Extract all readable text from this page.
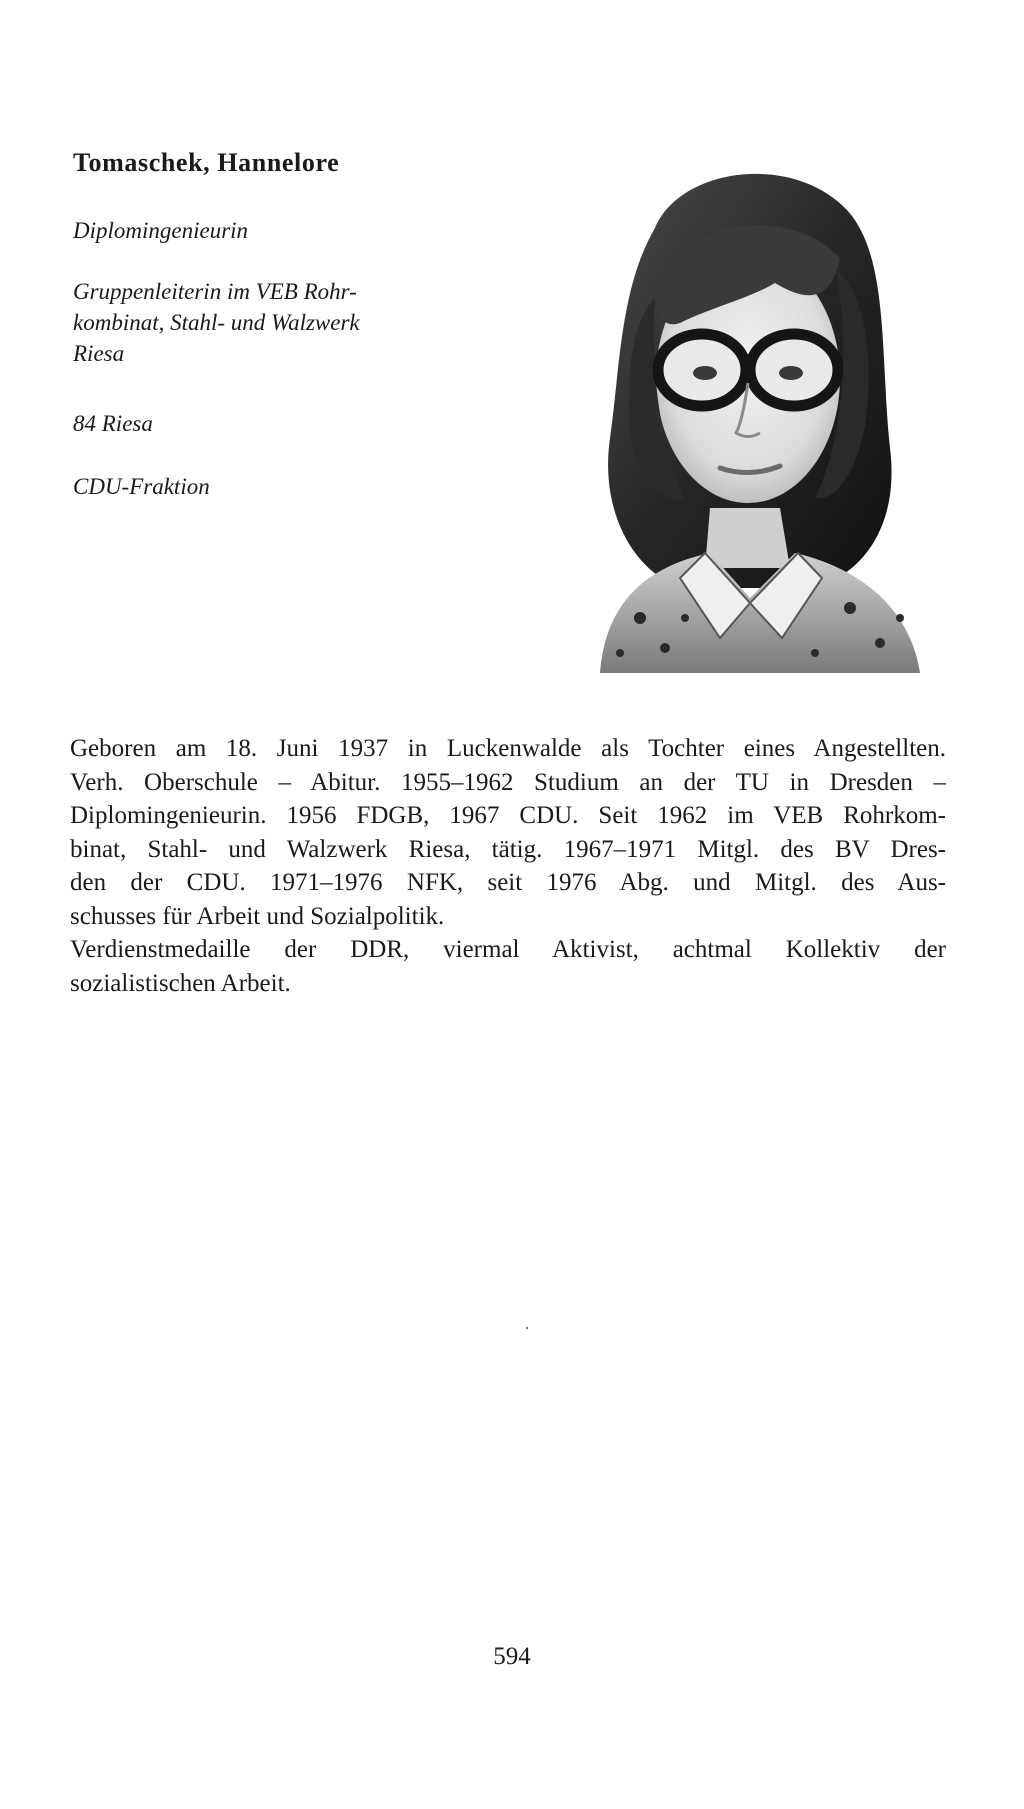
Tomaschek, Hannelore

Diplomingenieurin

Gruppenleiterin im VEB Rohr-
kombinat, Stahl- und Walzwerk
Riesa

84 Riesa

CDU-Fraktion

Geboren am 18. Juni 1937 in Luckenwalde als Tochter eines Angestellten.

Verh. Oberschule – Abitur. 1955–1962 Studium an der TU in Dresden –

Diplomingenieurin. 1956 FDGB, 1967 CDU. Seit 1962 im VEB Rohrkom-

binat, Stahl- und Walzwerk Riesa, tätig. 1967–1971 Mitgl. des BV Dres-

den der CDU. 1971–1976 NFK, seit 1976 Abg. und Mitgl. des Aus-

schusses für Arbeit und Sozialpolitik.

Verdienstmedaille der DDR, viermal Aktivist, achtmal Kollektiv der

sozialistischen Arbeit.

594
